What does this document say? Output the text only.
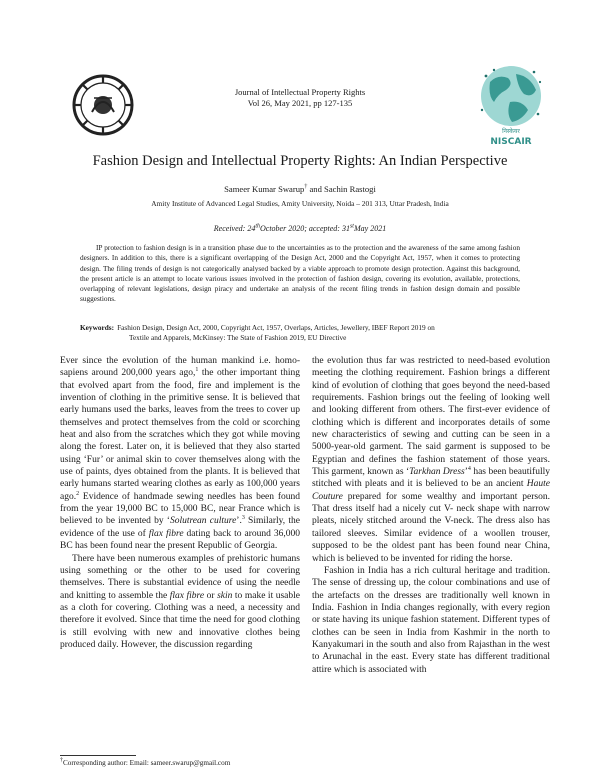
Journal of Intellectual Property Rights
Vol 26, May 2021, pp 127-135
निस्केयर
NISCAIR
Fashion Design and Intellectual Property Rights: An Indian Perspective
Sameer Kumar Swarup† and Sachin Rastogi
Amity Institute of Advanced Legal Studies, Amity University, Noida – 201 313, Uttar Pradesh, India
Received: 24thOctober 2020; accepted: 31stMay 2021

IP protection to fashion design is in a transition phase due to the uncertainties as to the protection and the awareness of the same among fashion designers. In addition to this, there is a significant overlapping of the Design Act, 2000 and the Copyright Act, 1957, when it comes to protecting design. The filing trends of design is not categorically analysed backed by a viable approach to promote design protection. Against this background, the present article is an attempt to locate various issues involved in the protection of fashion design, covering its evolution, available, protections, overlapping of relevant legislations, design piracy and undertake an analysis of the recent filing trends in fashion design domain and possible suggestions.

Keywords: Fashion Design, Design Act, 2000, Copyright Act, 1957, Overlaps, Articles, Jewellery, IBEF Report 2019 on
Textile and Apparels, McKinsey: The State of Fashion 2019, EU Directive

Ever since the evolution of the human mankind i.e. homo-sapiens around 200,000 years ago,$^1$ the other important thing that evolved apart from the food, fire and implement is the invention of clothing in the primitive sense. It is believed that early humans used the barks, leaves from the trees to cover up themselves and protect themselves from the cold or scorching heat and also from the scratches which they got while moving along the forest. Later on, it is believed that they also started using ‘Fur’ or animal skin to cover themselves along with the use of paints, dyes obtained from the plants. It is believed that early humans started wearing clothes as early as 100,000 years ago.$^2$ Evidence of handmade sewing needles has been found from the year 19,000 BC to 15,000 BC, near France which is believed to be invented by ‘Solutrean culture’.$^3$ Similarly, the evidence of the use of flax fibre dating back to around 36,000 BC has been found near the present Republic of Georgia.

There have been numerous examples of prehistoric humans using something or the other to be used for covering themselves. There is substantial evidence of using the needle and knitting to assemble the flax fibre or skin to make it usable as a cloth for covering. Clothing was a need, a necessity and therefore it evolved. Since that time the need for good clothing is still evolving with new and innovative clothes being produced daily. However, the discussion regarding

the evolution thus far was restricted to need-based evolution meeting the clothing requirement. Fashion brings a different kind of evolution of clothing that goes beyond the need-based requirements. Fashion brings out the feeling of looking well and looking different from others. The first-ever evidence of clothing which is different and incorporates details of some new characteristics of sewing and cutting can be seen in a 5000-year-old garment. The said garment is supposed to be Egyptian and defines the fashion statement of those years. This garment, known as ‘Tarkhan Dress’$^4$ has been beautifully stitched with pleats and it is believed to be an ancient Haute Couture prepared for some wealthy and important person. That dress itself had a nicely cut V- neck shape with narrow pleats, nicely stitched around the V-neck. The dress also has tailored sleeves. Similar evidence of a woollen trouser, supposed to be the oldest pant has been found near China, which is believed to be invented for riding the horse.

Fashion in India has a rich cultural heritage and tradition. The sense of dressing up, the colour combinations and use of the artefacts on the dresses are traditionally well known in India. Fashion in India changes regionally, with every region or state having its unique fashion statement. Different types of clothes can be seen in India from Kashmir in the north to Kanyakumari in the south and also from Rajasthan in the west to Arunachal in the east. Every state has different traditional attire which is associated with

†Corresponding author: Email: sameer.swarup@gmail.com
